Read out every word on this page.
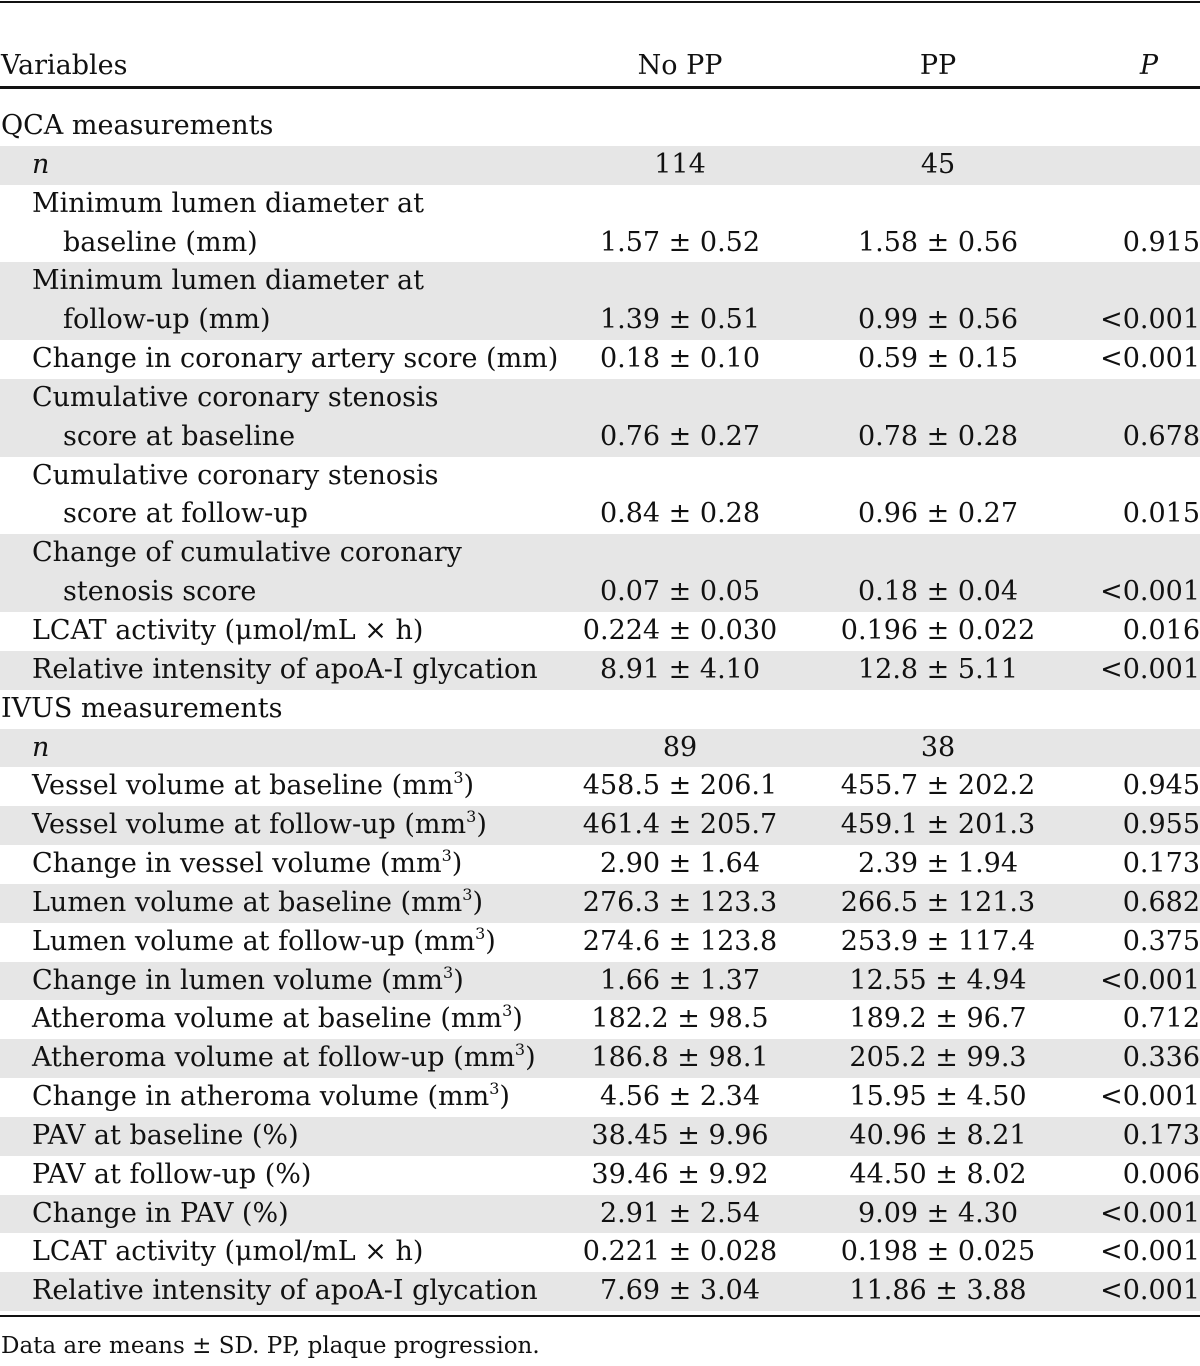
Variables	No PP	PP	P
QCA measurements
n	114	45
Minimum lumen diameter at
baseline (mm)	1.57 ± 0.52	1.58 ± 0.56	0.915
Minimum lumen diameter at
follow-up (mm)	1.39 ± 0.51	0.99 ± 0.56	<0.001
Change in coronary artery score (mm) 0.18 ± 0.10	0.59 ± 0.15	<0.001
Cumulative coronary stenosis
score at baseline	0.76 ± 0.27	0.78 ± 0.28	0.678
Cumulative coronary stenosis
score at follow-up	0.84 ± 0.28	0.96 ± 0.27	0.015
Change of cumulative coronary
stenosis score	0.07 ± 0.05	0.18 ± 0.04	<0.001
LCAT activity (μmol/mL × h)	0.224 ± 0.030 0.196 ± 0.022	0.016
Relative intensity of apoA-I glycation 8.91 ± 4.10	12.8 ± 5.11	<0.001
IVUS measurements
n	89	38
Vessel volume at baseline $(mm^3)$	458.5 ± 206.1 455.7 ± 202.2	0.945
Vessel volume at follow-up $(mm^3)$	461.4 ± 205.7 459.1 ± 201.3	0.955
Change in vessel volume $(mm^3)$	2.90 ± 1.64	2.39 ± 1.94	0.173
Lumen volume at baseline $(mm^3)$	276.3 ± 123.3 266.5 ± 121.3	0.682
Lumen volume at follow-up $(mm^3)$	274.6 ± 123.8 253.9 ± 117.4	0.375
Change in lumen volume $(mm^3)$	1.66 ± 1.37	12.55 ± 4.94	<0.001
Atheroma volume at baseline $(mm^3)$	182.2 ± 98.5	189.2 ± 96.7	0.712
Atheroma volume at follow-up $(mm^3) 186.8 \pm 98.1$	205.2 ± 99.3	0.336
Change in atheroma volume $(mm^3)$	4.56 ± 2.34	15.95 ± 4.50	<0.001
PAV at baseline (%)	38.45 ± 9.96	40.96 ± 8.21	0.173
PAV at follow-up (%)	39.46 ± 9.92	44.50 ± 8.02	0.006
Change in PAV (%)	2.91 ± 2.54	9.09 ± 4.30	<0.001
LCAT activity (μmol/mL × h)	0.221 ± 0.028 0.198 ± 0.025 <0.001
Relative intensity of apoA-I glycation 7.69 ± 3.04	11.86 ± 3.88	<0.001
Data are means ± SD. PP, plaque progression.
